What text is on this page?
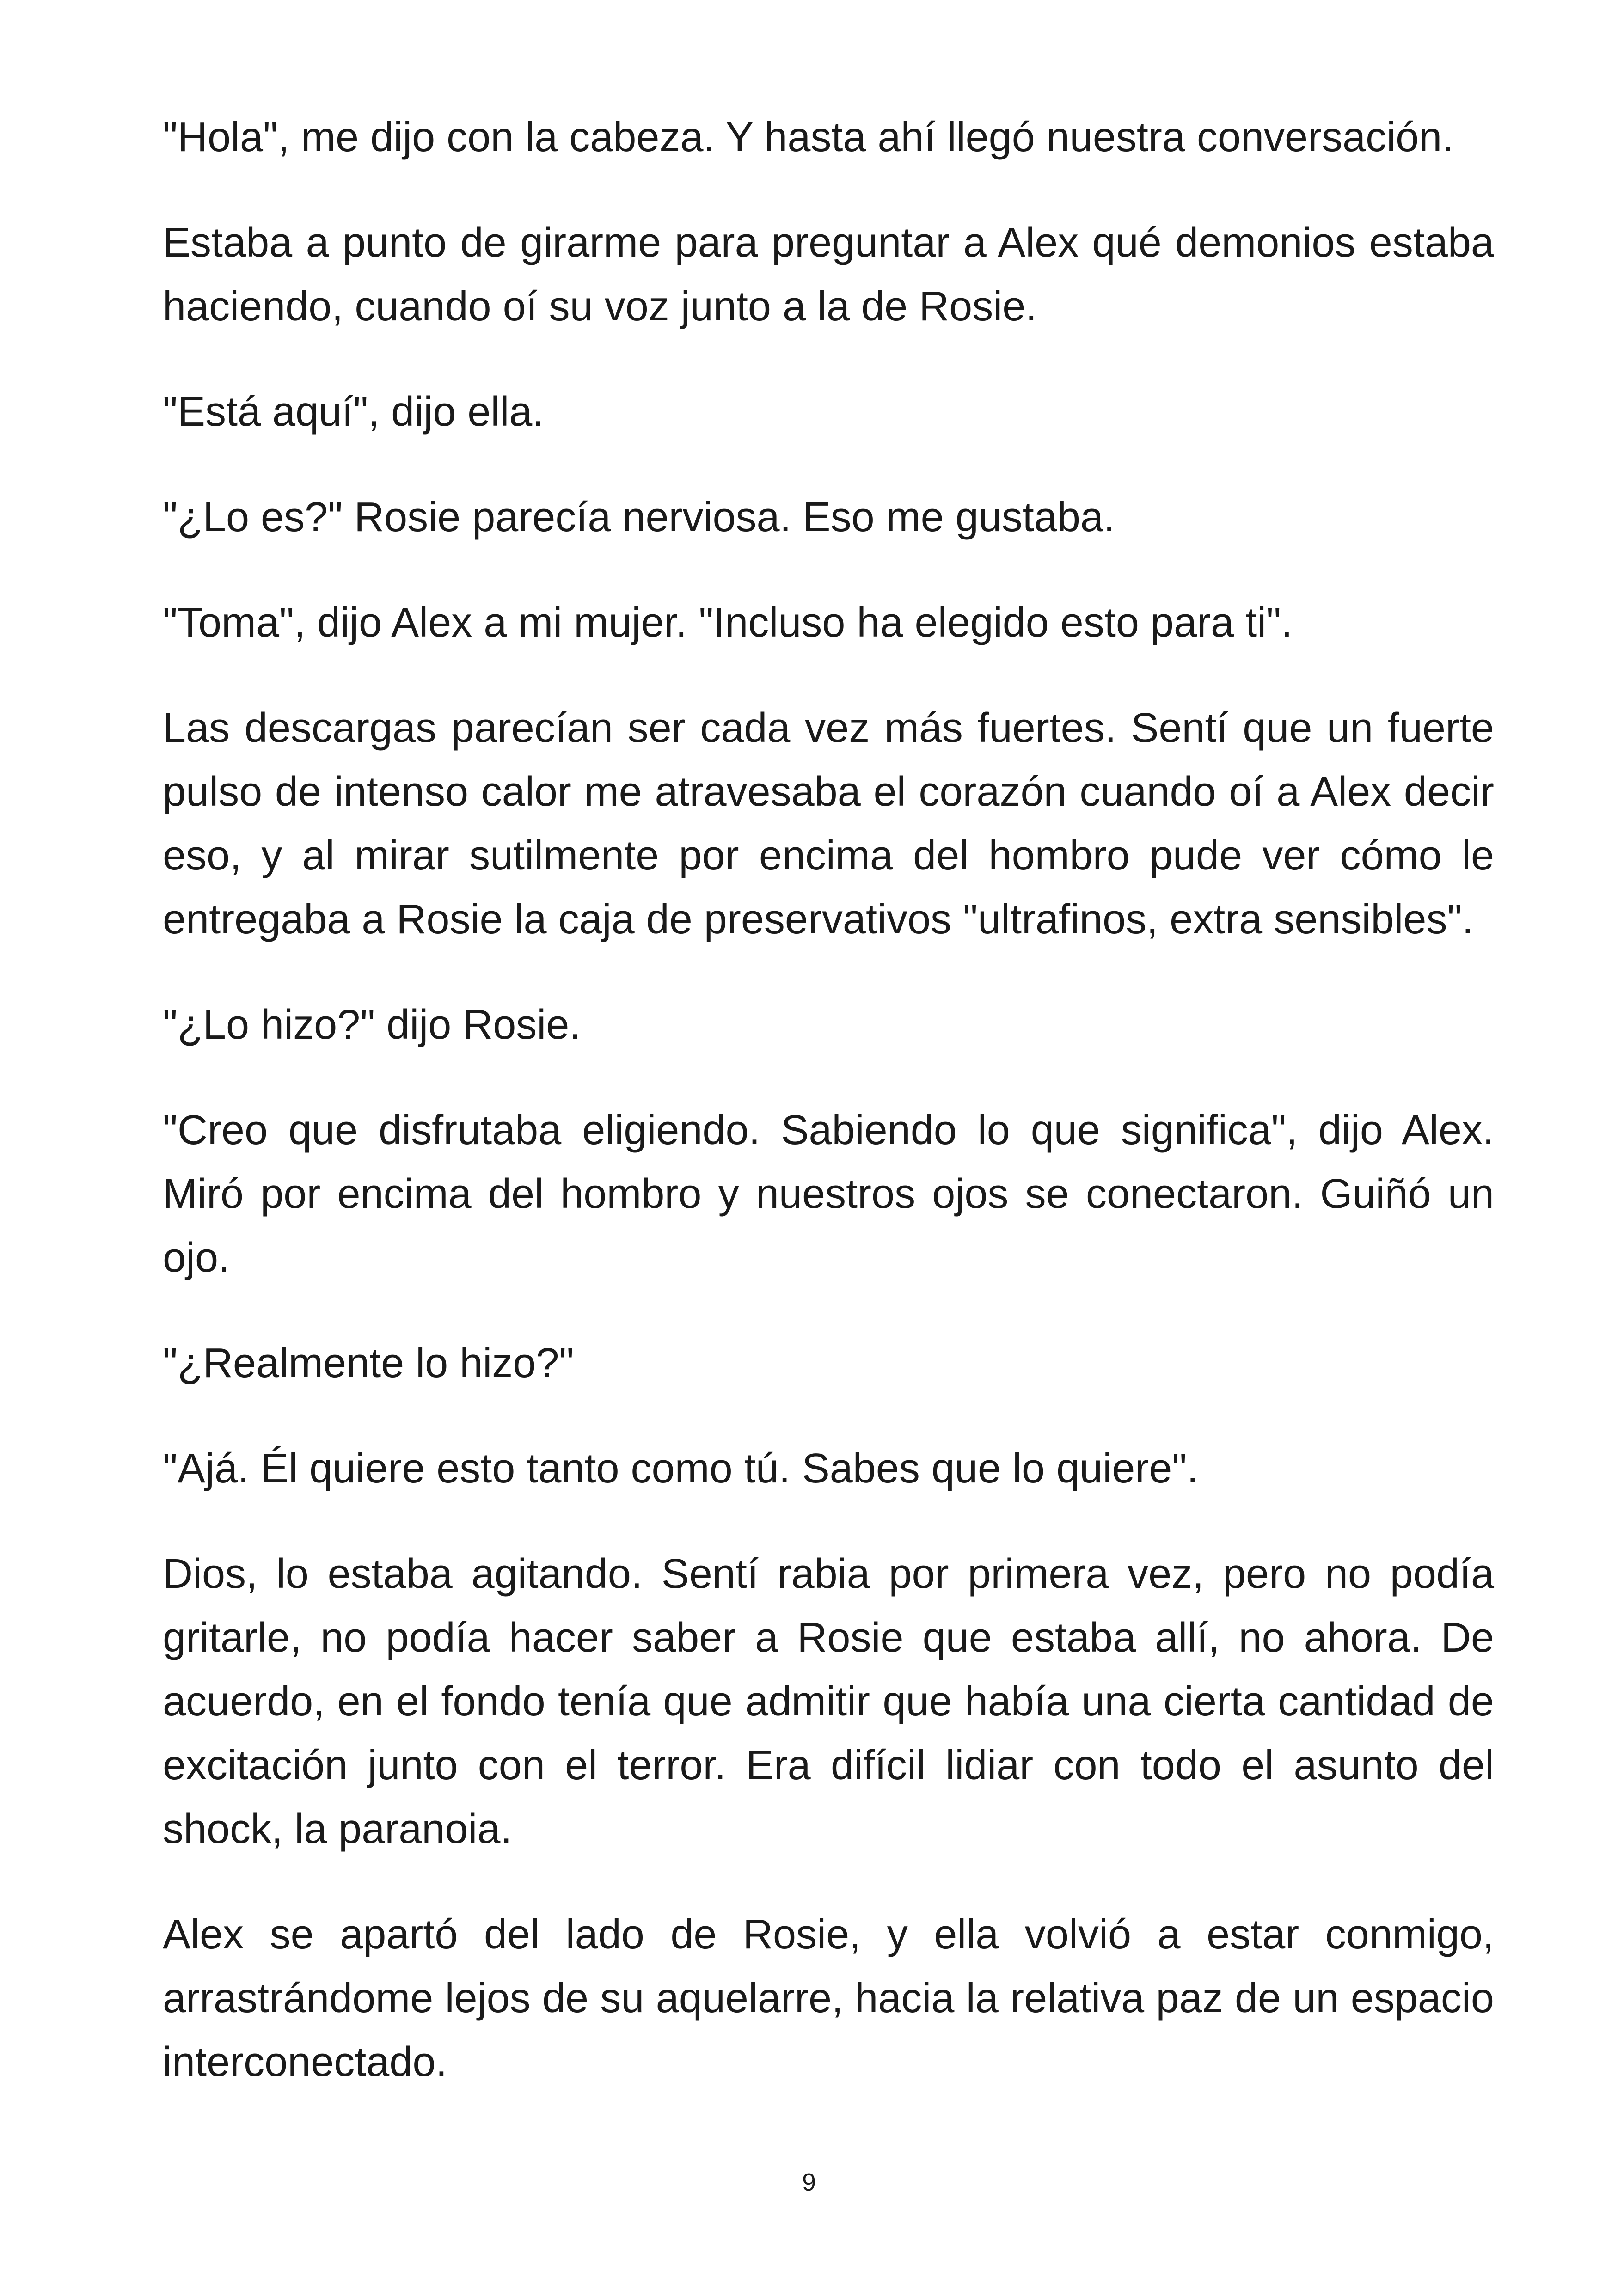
"Hola", me dijo con la cabeza. Y hasta ahí llegó nuestra conversación.

Estaba a punto de girarme para preguntar a Alex qué demonios estaba haciendo, cuando oí su voz junto a la de Rosie.

"Está aquí", dijo ella.

"¿Lo es?" Rosie parecía nerviosa. Eso me gustaba.

"Toma", dijo Alex a mi mujer. "Incluso ha elegido esto para ti".

Las descargas parecían ser cada vez más fuertes. Sentí que un fuerte pulso de intenso calor me atravesaba el corazón cuando oí a Alex decir eso, y al mirar sutilmente por encima del hombro pude ver cómo le entregaba a Rosie la caja de preservativos "ultrafinos, extra sensibles".

"¿Lo hizo?" dijo Rosie.

"Creo que disfrutaba eligiendo. Sabiendo lo que significa", dijo Alex. Miró por encima del hombro y nuestros ojos se conectaron. Guiñó un ojo.

"¿Realmente lo hizo?"

"Ajá. Él quiere esto tanto como tú. Sabes que lo quiere".

Dios, lo estaba agitando. Sentí rabia por primera vez, pero no podía gritarle, no podía hacer saber a Rosie que estaba allí, no ahora. De acuerdo, en el fondo tenía que admitir que había una cierta cantidad de excitación junto con el terror. Era difícil lidiar con todo el asunto del shock, la paranoia.

Alex se apartó del lado de Rosie, y ella volvió a estar conmigo, arrastrándome lejos de su aquelarre, hacia la relativa paz de un espacio interconectado.

9
